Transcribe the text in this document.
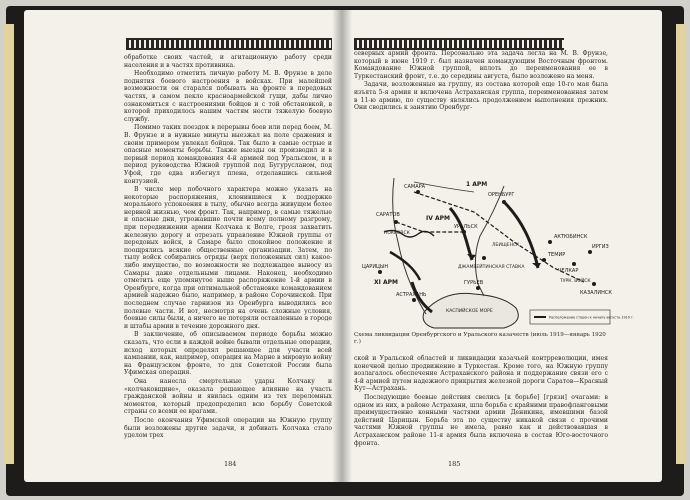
обработке своих частей, и агитационную работу среди населения и в частях противника.

Необходимо отметить личную работу М. В. Фрунзе в деле поднятия боевого настроения в войсках. При малейшей возможности он старался побывать на фронте в передовых частях, в самом пекле красноармейской гущи, дабы лично ознакомиться с настроениями бойцов и с той обстановкой, в которой приходилось нашим частям нести тяжелую боевую службу.

Помимо таких поездок в перерывы боев или перед боем, М. В. Фрунзе и в нужные минуты выезжал на поле сражения и своим примером увлекал бойцов. Так было в самые острые и опасные моменты борьбы. Также выезды он производил и в первый период командования 4-й армией под Уральском, и в период руководства Южной группой под Бугурусланом, под Уфой, где едва избегнул плена, отделавшись сильной контузией.

В числе мер побочного характера можно указать на некоторые распоряжения, клонившиеся к поддержке морального успокоения в тылу, обычно всегда живущем более нервной жизнью, чем фронт. Так, например, в самые тяжелые и опасные дни, угрожавшие почти всему полному разгрому, при передвижении армии Колчака к Волге, грозя захватить железную дорогу и отрезать управление Южной группы от передовых войск, в Самаре было спокойное положение и поощрялись всякие общественные организации. Затем, по тылу войск собирались отряды (верх положенных сил) какое-либо имущество, по возможности не подлежащее выносу из Самары даже отдельными лицами. Наконец, необходимо отметить еще упомянутое выше распоряжение 1-й армии в Оренбурге, когда при оптимальной обстановке командованием армией надежно было, например, в районе Сорочинской. При последнем случае гарнизон из Оренбурга выводились все полевые части. И вот, несмотря на очень сложные условия, боевые силы были, а ничего не потеряли оставленные в городе и штабы армии в течение дорожного дня.

В заключение, об описываемом периоде борьбы можно сказать, что если в каждой войне бывали отдельные операции, исход которых определял решающее для участи всей кампании, как, например, операция на Марне в мировую войну на Французском фронте, то для Советской России была Уфимская операция.

Она нанесла смертельные удары Колчаку и «колчаковщине», оказала решающее влияние на участь гражданской войны и явилась одним из тех переломных моментов, который предопределил всю борьбу Советской страны со всеми ее врагами.

После окончания Уфимской операции на Южную группу были возложены другие задачи, и добивать Колчака стало уделом трех

184

северных армий фронта. Персонально эта задача легла на М. В. Фрунзе, который в июне 1919 г. был назначен командующим Восточным фронтом. Командование Южной группой, вплоть до переименования ее в Туркестанский фронт, т.е. до середины августа, было возложено на меня.

Задачи, возложенные на группу, из состава которой еще 10-го мая была изъята 5-я армия и включена Астраханская группа, переименованная затем в 11-ю армию, по существу являлись продолжением выполнения прежних. Они сводились к занятию Оренбург-

САМАРА	1 АРМ
ОРЕНБУРГ
IV АРМ
САРАТОВ
УРАЛЬСК
ДЖАМБЕЙТИНСКАЯ СТАВКА
ЦАРИЦЫН
ГУРЬЕВ
АСТРАХАНЬ
КАСПИЙСКОЕ МОРЕ
XI АРМ
АКТЮБИНСК
ТЕМИР
ЧЕЛКАР
ИРГИЗ
КАЗАЛИНСК
ТУРК. ВОЙСК
ЛБИЩЕНСК
ПОКРОВСК
Расположение сторон к началу августа 1919 г.
Схема ликвидации Оренбургского и Уральского казачеств (июль 1919—январь 1920 г.)

ской и Уральской областей и ликвидации казачьей контрреволюции, имея конечной целью продвижение в Туркестан. Кроме того, на Южную группу возлагалось обеспечение Астраханского района и поддержание связи его с 4-й армией путем надежного прикрытия железной дороги Саратов—Красный Кут—Астрахань.

Последующие боевые действия свелись [к борьбе] [грязи] очагами: в одном из них, в районе Астрахани, шла борьба с крайними правофланговыми преимущественно конными частями армии Деникина, имевшими базой действий Царицын. Борьба эта по существу никакой связи с прочими частями Южной группы не имела, равно как и действовавшая в Астраханском районе 11-я армия была включена в состав Юго-восточного фронта.

185
